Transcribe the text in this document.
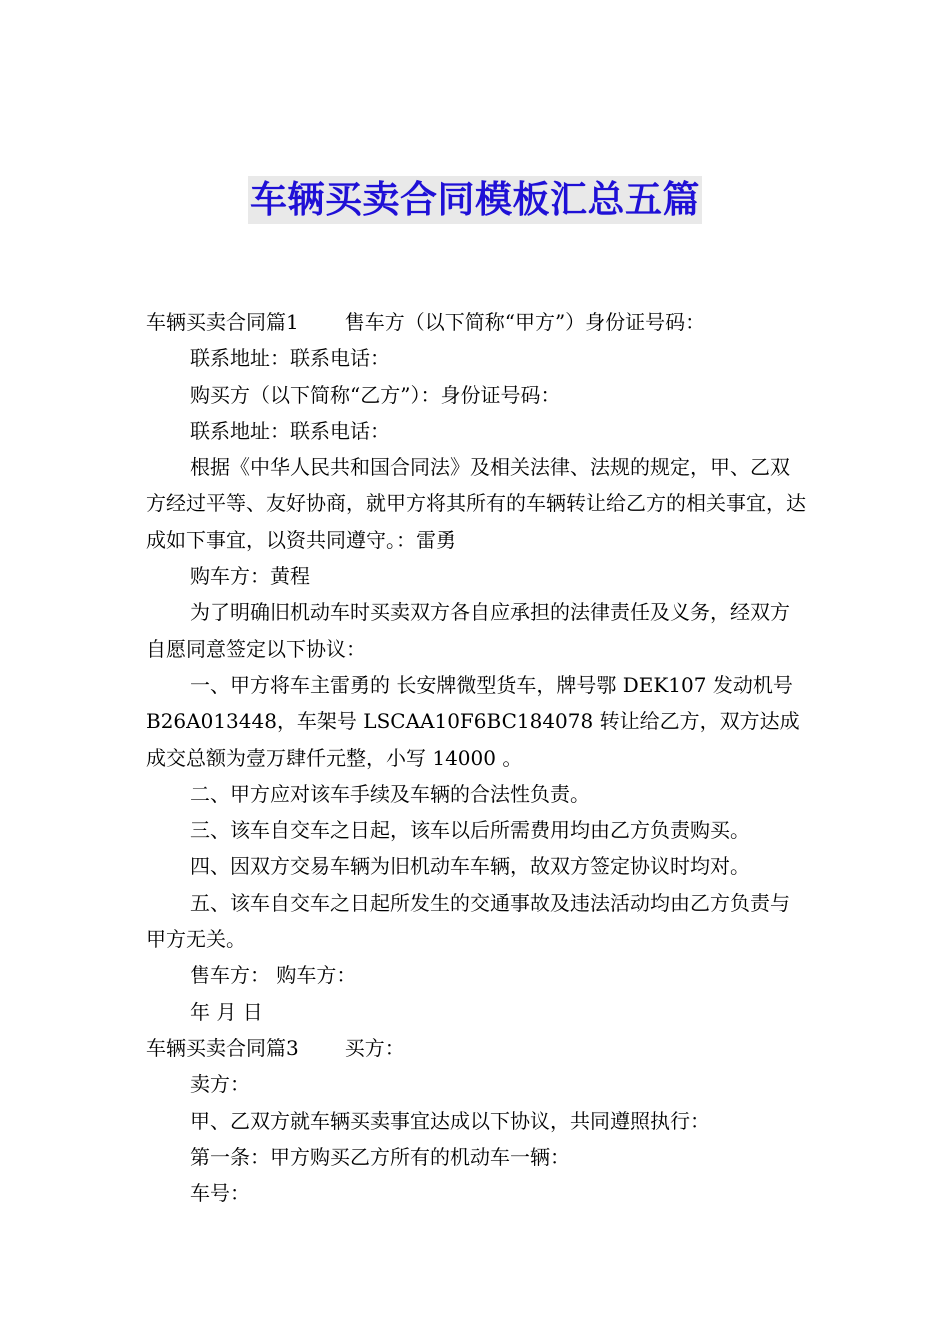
车辆买卖合同模板汇总五篇
车辆买卖合同篇1 售车方（以下简称“甲方”）身份证号码：
联系地址：联系电话：
购买方（以下简称“乙方”）：身份证号码：
联系地址：联系电话：
根据《中华人民共和国合同法》及相关法律、法规的规定，甲、乙双方经过平等、友好协商，就甲方将其所有的车辆转让给乙方的相关事宜，达成如下事宜，以资共同遵守。：雷勇
购车方：黄程
为了明确旧机动车时买卖双方各自应承担的法律责任及义务，经双方自愿同意签定以下协议：
一、甲方将车主雷勇的 长安牌微型货车，牌号鄂 DEK107 发动机号 B26A013448，车架号 LSCAA10F6BC184078 转让给乙方，双方达成成交总额为壹万肆仟元整，小写 14000 。
二、甲方应对该车手续及车辆的合法性负责。
三、该车自交车之日起，该车以后所需费用均由乙方负责购买。
四、因双方交易车辆为旧机动车车辆，故双方签定协议时均对。
五、该车自交车之日起所发生的交通事故及违法活动均由乙方负责与甲方无关。
售车方： 购车方：
年 月 日
车辆买卖合同篇3 买方：
卖方：
甲、乙双方就车辆买卖事宜达成以下协议，共同遵照执行：
第一条：甲方购买乙方所有的机动车一辆：
车号：
